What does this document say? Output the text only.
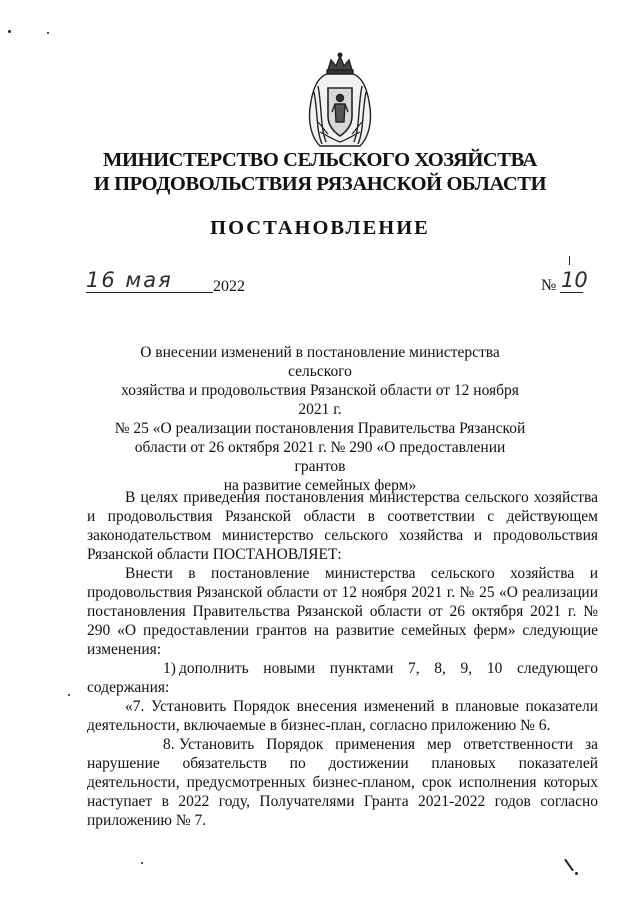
МИНИСТЕРСТВО СЕЛЬСКОГО ХОЗЯЙСТВА
И ПРОДОВОЛЬСТВИЯ РЯЗАНСКОЙ ОБЛАСТИ
ПОСТАНОВЛЕНИЕ
16 мая	2022	№ 10
О внесении изменений в постановление министерства сельского
хозяйства и продовольствия Рязанской области от 12 ноября 2021 г.
№ 25 «О реализации постановления Правительства Рязанской
области от 26 октября 2021 г. № 290 «О предоставлении грантов
на развитие семейных ферм»

В целях приведения постановления министерства сельского хозяйства и продовольствия Рязанской области в соответствии с действующем законодательством министерство сельского хозяйства и продовольствия Рязанской области ПОСТАНОВЛЯЕТ:

Внести в постановление министерства сельского хозяйства и продовольствия Рязанской области от 12 ноября 2021 г. № 25 «О реализации постановления Правительства Рязанской области от 26 октября 2021 г. № 290 «О предоставлении грантов на развитие семейных ферм» следующие изменения:

1) дополнить новыми пунктами 7, 8, 9, 10 следующего содержания:

«7. Установить Порядок внесения изменений в плановые показатели деятельности, включаемые в бизнес-план, согласно приложению № 6.

8. Установить Порядок применения мер ответственности за нарушение обязательств по достижении плановых показателей деятельности, предусмотренных бизнес-планом, срок исполнения которых наступает в 2022 году, Получателями Гранта 2021-2022 годов согласно приложению № 7.
